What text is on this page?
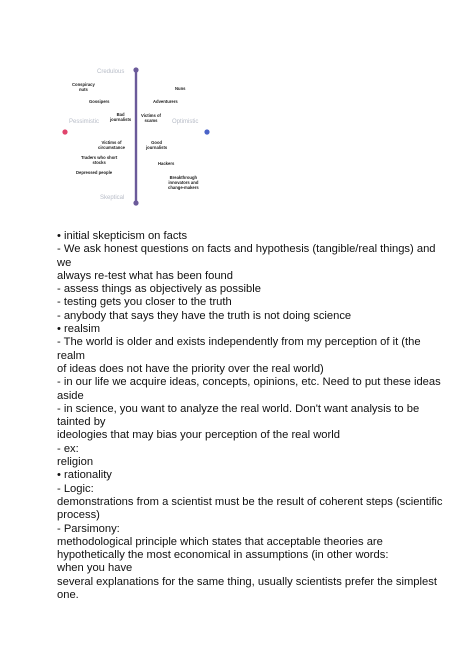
Credulous
Skeptical
Pessimistic	Optimistic
Conspiracy
nuts
Gossipers
Bad
journalists
Nuns
Adventurers
Victims of
scams
Victims of
circumstance
Traders who short
stocks
Depressed people
Good
journalists
Hackers
Breakthrough
innovators and
change-makers
• initial skepticism on facts
- We ask honest questions on facts and hypothesis (tangible/real things) and
we
always re-test what has been found
- assess things as objectively as possible
- testing gets you closer to the truth
- anybody that says they have the truth is not doing science
• realsim
- The world is older and exists independently from my perception of it (the
realm
of ideas does not have the priority over the real world)
- in our life we acquire ideas, concepts, opinions, etc. Need to put these ideas
aside
- in science, you want to analyze the real world. Don't want analysis to be
tainted by
ideologies that may bias your perception of the real world
- ex:
religion
• rationality
- Logic:
demonstrations from a scientist must be the result of coherent steps (scientific
process)
- Parsimony:
methodological principle which states that acceptable theories are
hypothetically the most economical in assumptions (in other words:
when you have
several explanations for the same thing, usually scientists prefer the simplest
one.
